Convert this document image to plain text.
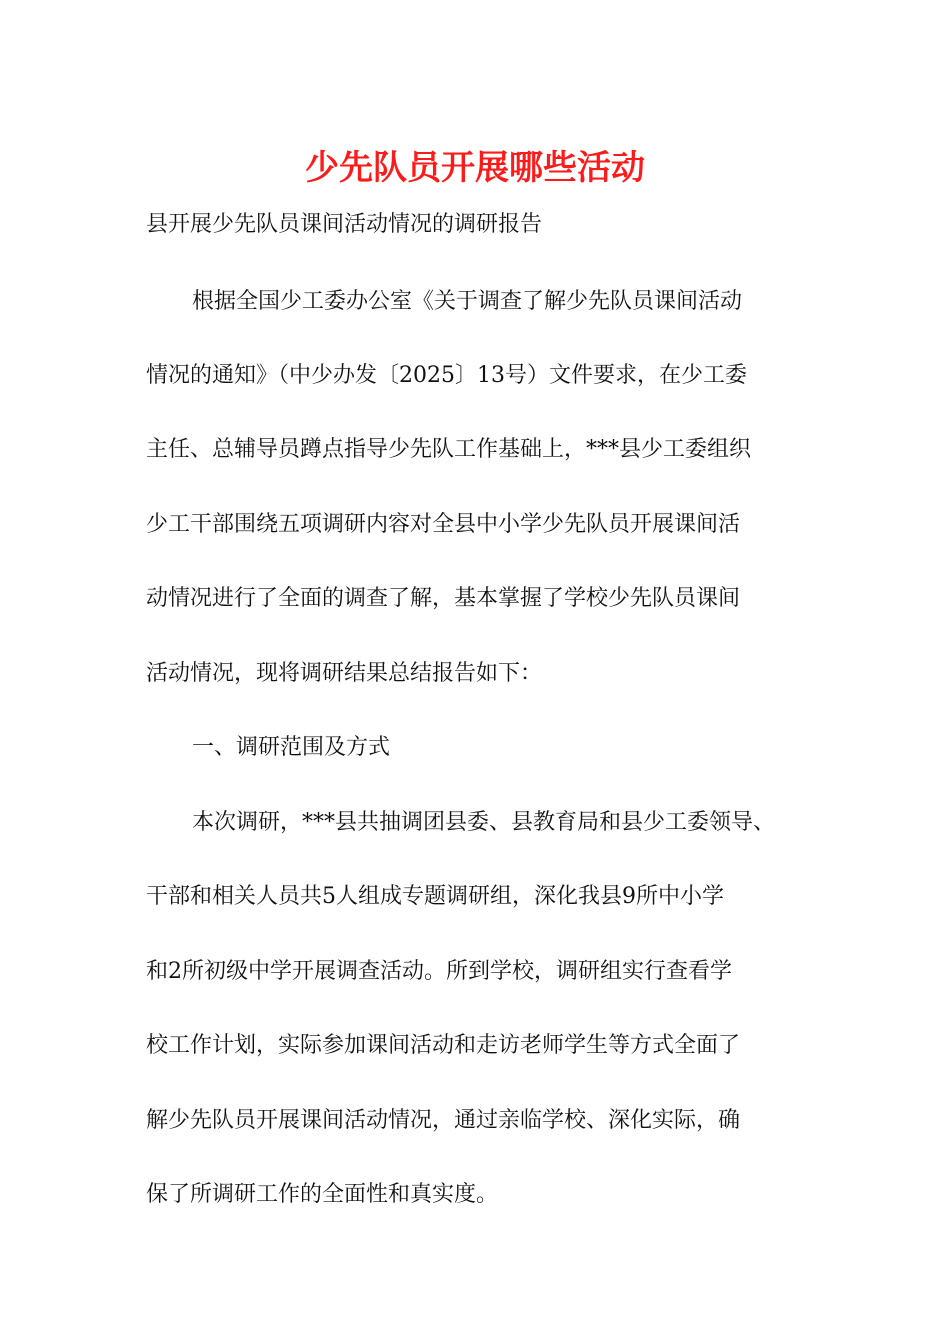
少先队员开展哪些活动

县开展少先队员课间活动情况的调研报告

根据全国少工委办公室《关于调查了解少先队员课间活动

情况的通知》（中少办发〔2025〕13号）文件要求，在少工委

主任、总辅导员蹲点指导少先队工作基础上，***县少工委组织

少工干部围绕五项调研内容对全县中小学少先队员开展课间活

动情况进行了全面的调查了解，基本掌握了学校少先队员课间

活动情况，现将调研结果总结报告如下：

一、调研范围及方式

本次调研，***县共抽调团县委、县教育局和县少工委领导、

干部和相关人员共5人组成专题调研组，深化我县9所中小学

和2所初级中学开展调查活动。所到学校，调研组实行查看学

校工作计划，实际参加课间活动和走访老师学生等方式全面了

解少先队员开展课间活动情况，通过亲临学校、深化实际，确

保了所调研工作的全面性和真实度。
